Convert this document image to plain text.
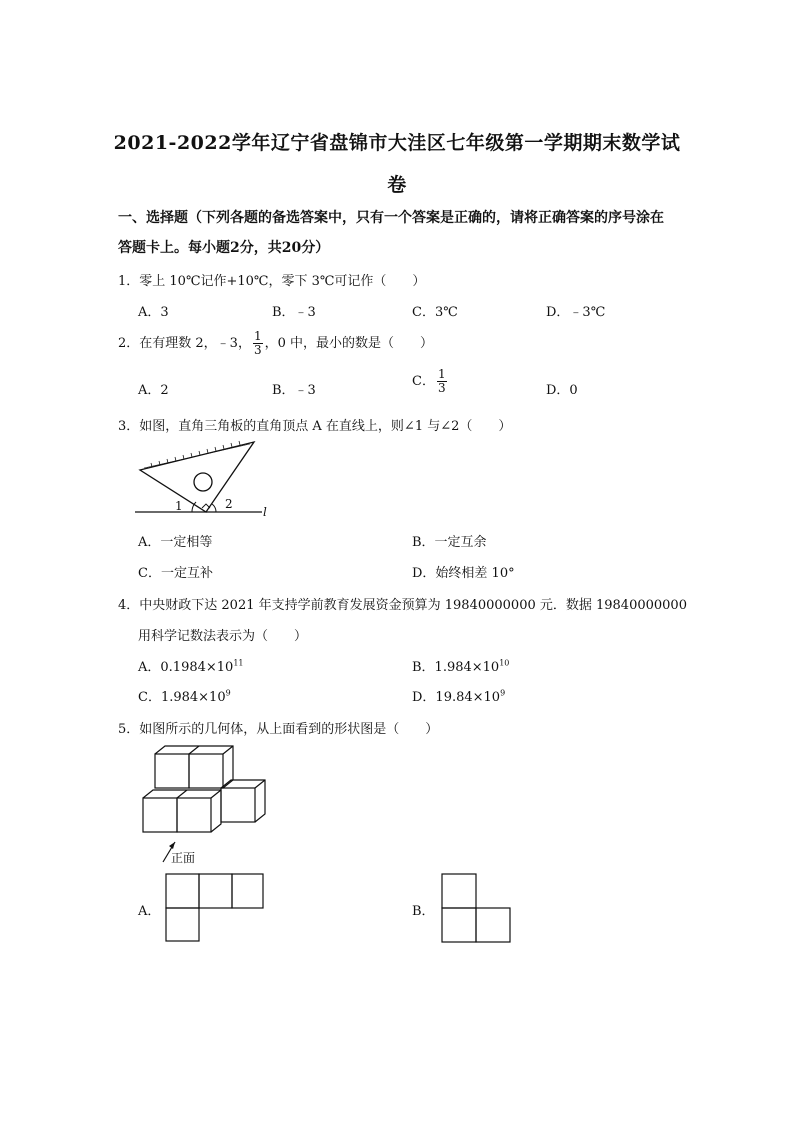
2021-2022学年辽宁省盘锦市大洼区七年级第一学期期末数学试
卷
一、选择题（下列各题的备选答案中，只有一个答案是正确的，请将正确答案的序号涂在
答题卡上。每小题2分，共20分）
1．零上 10℃记作+10℃，零下 3℃可记作（　　）
A．3	B．﹣3	C．3℃	D．﹣3℃
2．在有理数 2，﹣3， $\frac{1}{3}$ ，0 中，最小的数是（　　）
A．2	B．﹣3
C． $\frac{1}{3}$	D．0
3．如图，直角三角板的直角顶点 A 在直线上，则∠1 与∠2（　　）
1	2
l
A．一定相等	B．一定互余
C．一定互补	D．始终相差 10°
4．中央财政下达 2021 年支持学前教育发展资金预算为 19840000000 元．数据 19840000000
用科学记数法表示为（　　）
A．$0.1984\times 10^{11}$	B．$1.984\times 10^{10}$
C．$1.984\times 10^9$	D．$19.84\times 10^9$
5．如图所示的几何体，从上面看到的形状图是（　　）
正面
A．	B．
